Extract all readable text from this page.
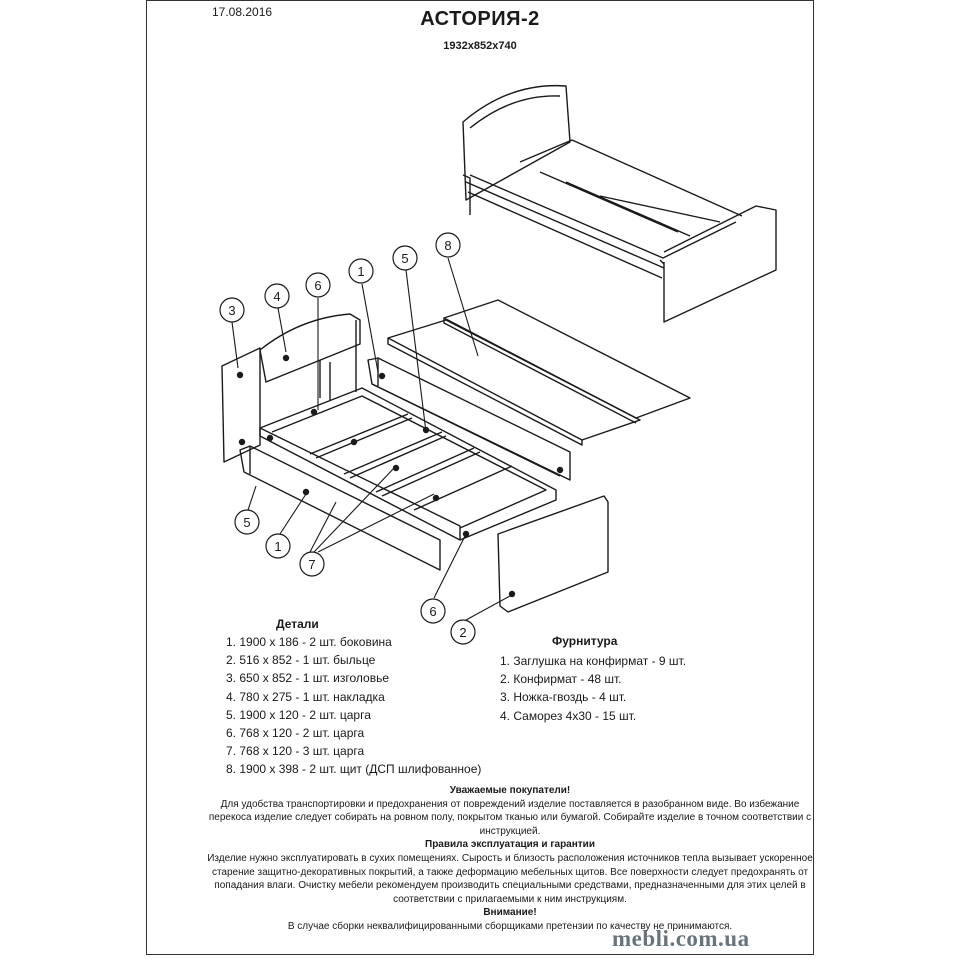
17.08.2016	АСТОРИЯ-2
1932x852x740
3
4
6
1
5
8
5
1
7
6
2
Детали
1. 1900 х 186 - 2 шт. боковина
2. 516 х 852 - 1 шт. быльце
3. 650 х 852 - 1 шт. изголовье
4. 780 х 275 - 1 шт. накладка
5. 1900 х 120 - 2 шт. царга
6. 768 х 120 - 2 шт. царга
7. 768 х 120 - 3 шт. царга
8. 1900 х 398 - 2 шт. щит (ДСП шлифованное)
Фурнитура
1. Заглушка на конфирмат - 9 шт.
2. Конфирмат - 48 шт.
3. Ножка-гвоздь - 4 шт.
4. Саморез 4х30 - 15 шт.
Уважаемые покупатели!
Для удобства транспортировки и предохранения от повреждений изделие поставляется в разобранном виде. Во избежание перекоса изделие следует собирать на ровном полу, покрытом тканью или бумагой. Собирайте изделие в точном соответствии с инструкцией.
Правила эксплуатация и гарантии
Изделие нужно эксплуатировать в сухих помещениях. Сырость и близость расположения источников тепла вызывает ускоренное старение защитно-декоративных покрытий, а также деформацию мебельных щитов. Все поверхности следует предохранять от попадания влаги. Очистку мебели рекомендуем производить специальными средствами, предназначенными для этих целей в соответствии с прилагаемыми к ним инструкциям.
Внимание!
В случае сборки неквалифицированными сборщиками претензии по качеству не принимаются.
mebli.com.ua
